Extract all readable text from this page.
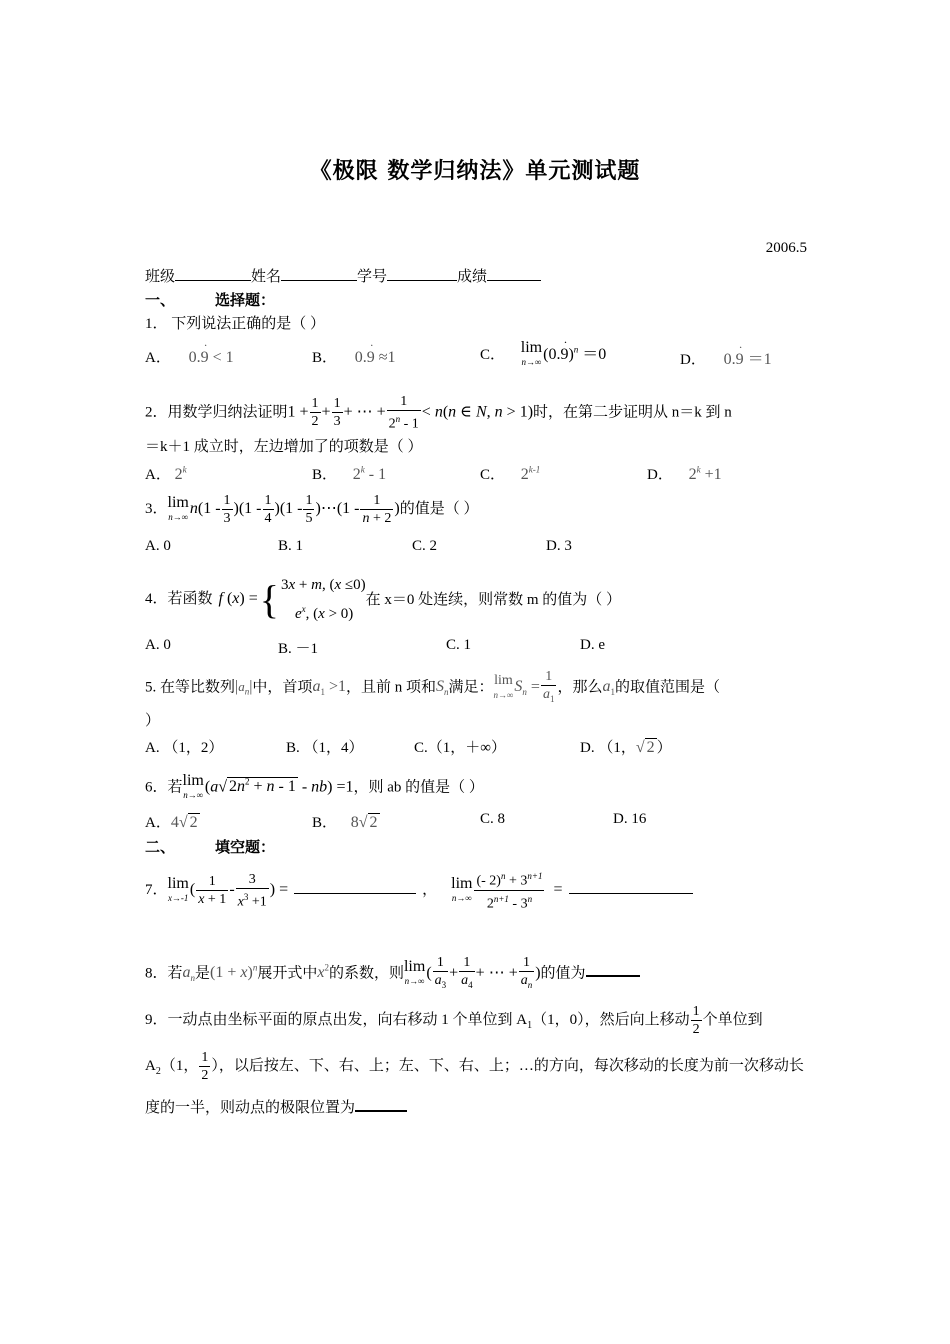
《极限 数学归纳法》单元测试题
2006.5
班级	姓名	学号	成绩
一、	选择题：
1． 下列说法正确的是（ ）
A． 0.9
·
< 1	B． 0.9
·
≈1	C． lim
n→∞ (0.9
·
)$^n$ ＝0	D． 0.9
·
＝1
2．用数学归纳法证明$1 + \frac{1}{2} + \frac{1}{3}$ + ⋯ + $\frac{1}{2^n - 1} < n(n$ ∈ N, n > 1)时，在第二步证明从 n＝k 到 n
＝k＋1 成立时，左边增加了的项数是（ ）
A． 2$^k$	B． 2$^k$ - 1	C． 2$^{k-1}$	D． $2^k +1$
3． lim
n→∞ $n(1 - \frac{1}{3} )(1 - \frac{1}{4} )(1 - \frac{1}{5}$ )⋯(1 - $\frac{1}{n + 2}$ )的值是（ ）
A. 0	B. 1	C. 2	D. 3
4．若函数 f (x) ={ 3x + m, (x ≤0)
$e^x$, (x > 0)
在 x＝0 处连续，则常数 m 的值为（ ）
A. 0	B. －1	C. 1	D. e
5. 在等比数列$|a_n|$中，首项$a_1 >1$，且前 n 项和$S_n$满足： lim
n→∞ $S_n = \frac{1}{a_1}$ ，那么$a_1$的取值范围是（
）
A. （1，2）	B. （1，4）	C.（1，＋∞）	D. （1，√ 2 ）
6．若 lim
n→∞ (a√ $2n^2 + n - 1 - nb) =1$，则 ab 的值是（ ）
A．4√ 2	B． 8√ 2	C. 8	D. 16
二、	填空题：
7． lim
x→-1 ( $\frac{1}{x + 1} - \frac{3}{x^3 +1}$ ) =	， lim
$n\to\infty \frac{(- 2)^n + 3^{n+1}}{2^{n+1} - 3^n}$ =
8．若$a_n$是$(1 + x)^n$展开式中$x^2$的系数，则 lim
n→∞ ( $\frac{1}{a_3} + \frac{1}{a_4}$ + ⋯ + $\frac{1}{a_n}$ )的值为
9．一动点由坐标平面的原点出发，向右移动 1 个单位到 $A_1(1$，0），然后向上移动 $\frac{1}{2}$ 个单位到
$A_2(1$， $\frac{1}{2}$ ），以后按左、下、右、上；左、下、右、上；…的方向，每次移动的长度为前一次移动长
度的一半，则动点的极限位置为
